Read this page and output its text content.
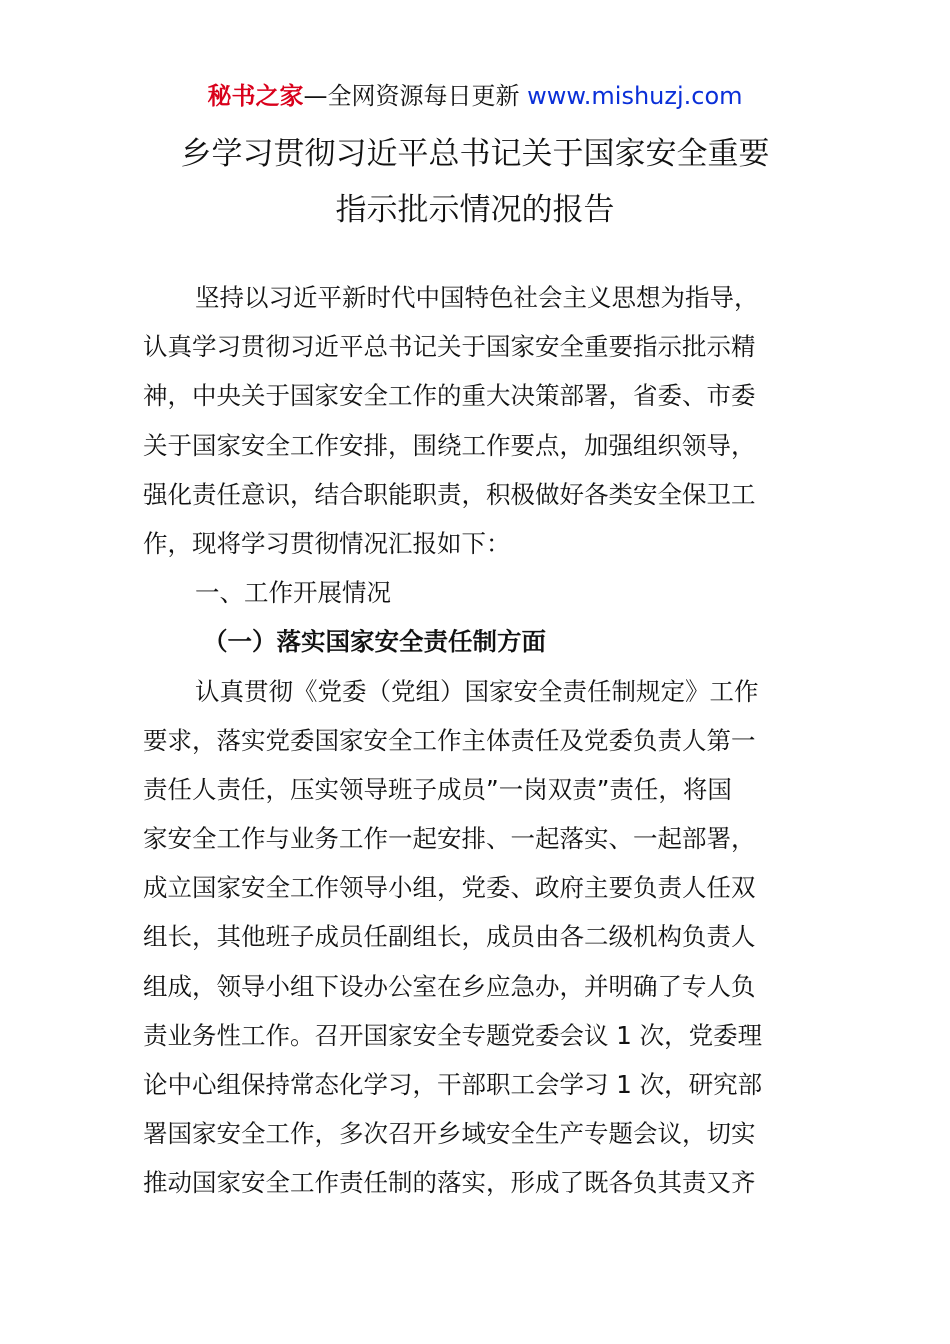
秘书之家—全网资源每日更新 www.mishuzj.com
乡学习贯彻习近平总书记关于国家安全重要
指示批示情况的报告
坚持以习近平新时代中国特色社会主义思想为指导，
认真学习贯彻习近平总书记关于国家安全重要指示批示精
神，中央关于国家安全工作的重大决策部署，省委、市委
关于国家安全工作安排，围绕工作要点，加强组织领导，
强化责任意识，结合职能职责，积极做好各类安全保卫工
作，现将学习贯彻情况汇报如下：
一、工作开展情况
（一）落实国家安全责任制方面
认真贯彻《党委（党组）国家安全责任制规定》工作
要求，落实党委国家安全工作主体责任及党委负责人第一
责任人责任，压实领导班子成员”一岗双责”责任，将国
家安全工作与业务工作一起安排、一起落实、一起部署，
成立国家安全工作领导小组，党委、政府主要负责人任双
组长，其他班子成员任副组长，成员由各二级机构负责人
组成，领导小组下设办公室在乡应急办，并明确了专人负
责业务性工作。召开国家安全专题党委会议 1 次，党委理
论中心组保持常态化学习，干部职工会学习 1 次，研究部
署国家安全工作，多次召开乡域安全生产专题会议，切实
推动国家安全工作责任制的落实，形成了既各负其责又齐
